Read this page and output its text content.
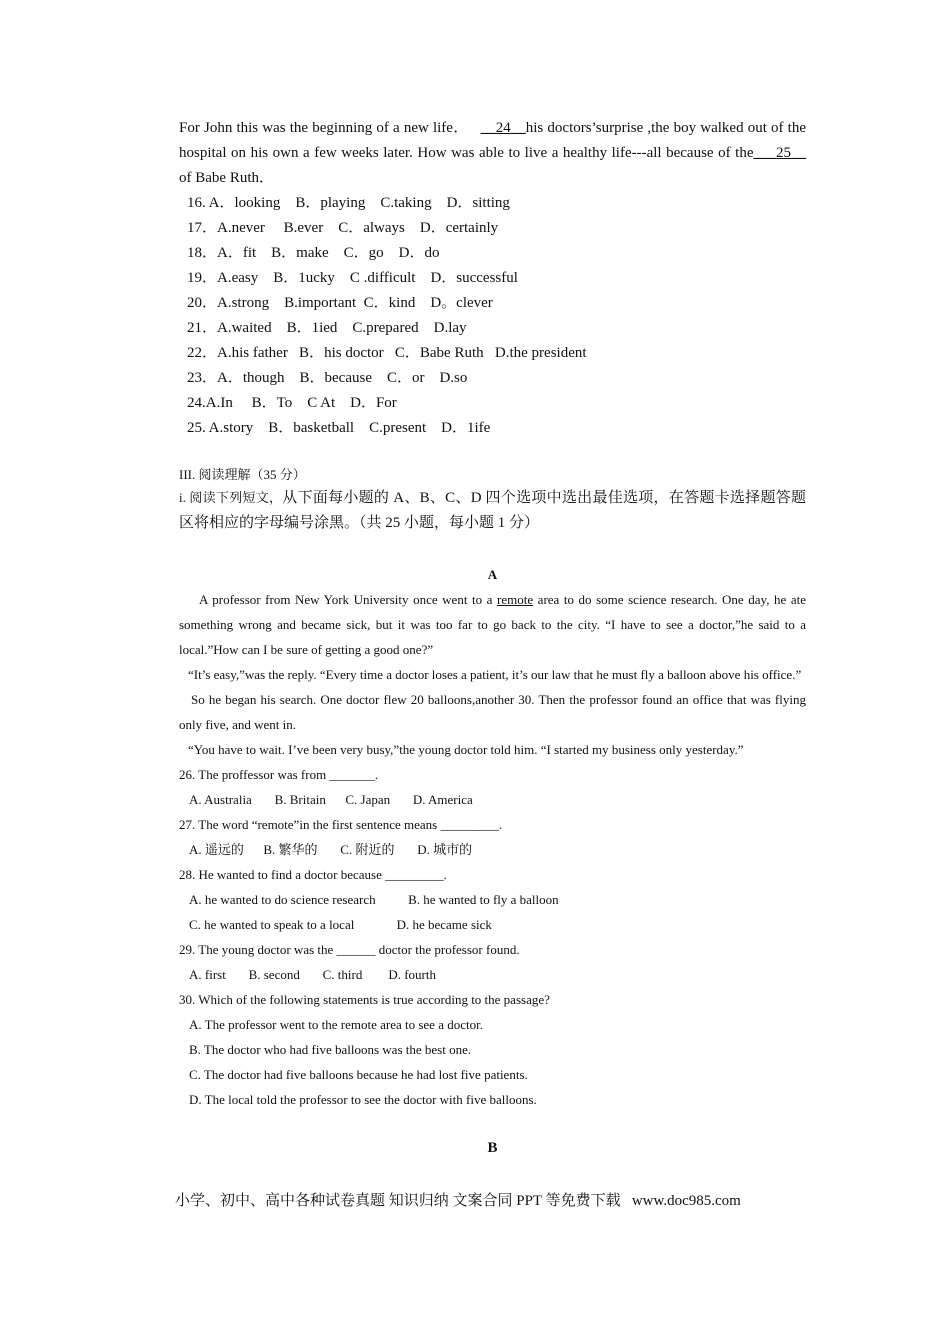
For John this was the beginning of a new life． __24__his doctors’surprise ,the boy walked out of the hospital on his own a few weeks later. How was able to live a healthy life---all because of the___25__ of Babe Ruth．

16. A．looking    B．playing    C.taking    D．sitting
17．A.never     B.ever    C．always    D．certainly
18．A．fit    B．make    C．go    D．do
19．A.easy    B．1ucky    C .difficult    D．successful
20．A.strong    B.important  C．kind    D。clever
21．A.waited    B．1ied    C.prepared    D.lay
22．A.his father   B．his doctor   C．Babe Ruth   D.the president
23．A．though    B．because    C．or    D.so
24.A.In     B．To    C At    D．For
25. A.story    B．basketball    C.present    D．1ife
III. 阅读理解（35 分）

i. 阅读下列短文，从下面每小题的 A、B、C、D 四个选项中选出最佳选项，在答题卡选择题答题区将相应的字母编号涂黑。（共 25 小题，每小题 1 分）

A

A professor from New York University once went to a remote area to do some science research. One day, he ate something wrong and became sick, but it was too far to go back to the city. “I have to see a doctor,”he said to a local.”How can I be sure of getting a good one?”

“It’s easy,”was the reply. “Every time a doctor loses a patient, it’s our law that he must fly a balloon above his office.”

So he began his search. One doctor flew 20 balloons,another 30. Then the professor found an office that was flying only five, and went in.

“You have to wait. I’ve been very busy,”the young doctor told him. “I started my business only yesterday.”

26. The proffessor was from _______.
A. Australia       B. Britain      C. Japan       D. America
27. The word “remote”in the first sentence means _________.
A. 遥远的      B. 繁华的       C. 附近的       D. 城市的
28. He wanted to find a doctor because _________.
A. he wanted to do science research          B. he wanted to fly a balloon
C. he wanted to speak to a local             D. he became sick
29. The young doctor was the ______ doctor the professor found.
A. first       B. second       C. third        D. fourth
30. Which of the following statements is true according to the passage?
A. The professor went to the remote area to see a doctor.
B. The doctor who had five balloons was the best one.
C. The doctor had five balloons because he had lost five patients.
D. The local told the professor to see the doctor with five balloons.
B
小学、初中、高中各种试卷真题 知识归纳 文案合同 PPT 等免费下载   www.doc985.com
